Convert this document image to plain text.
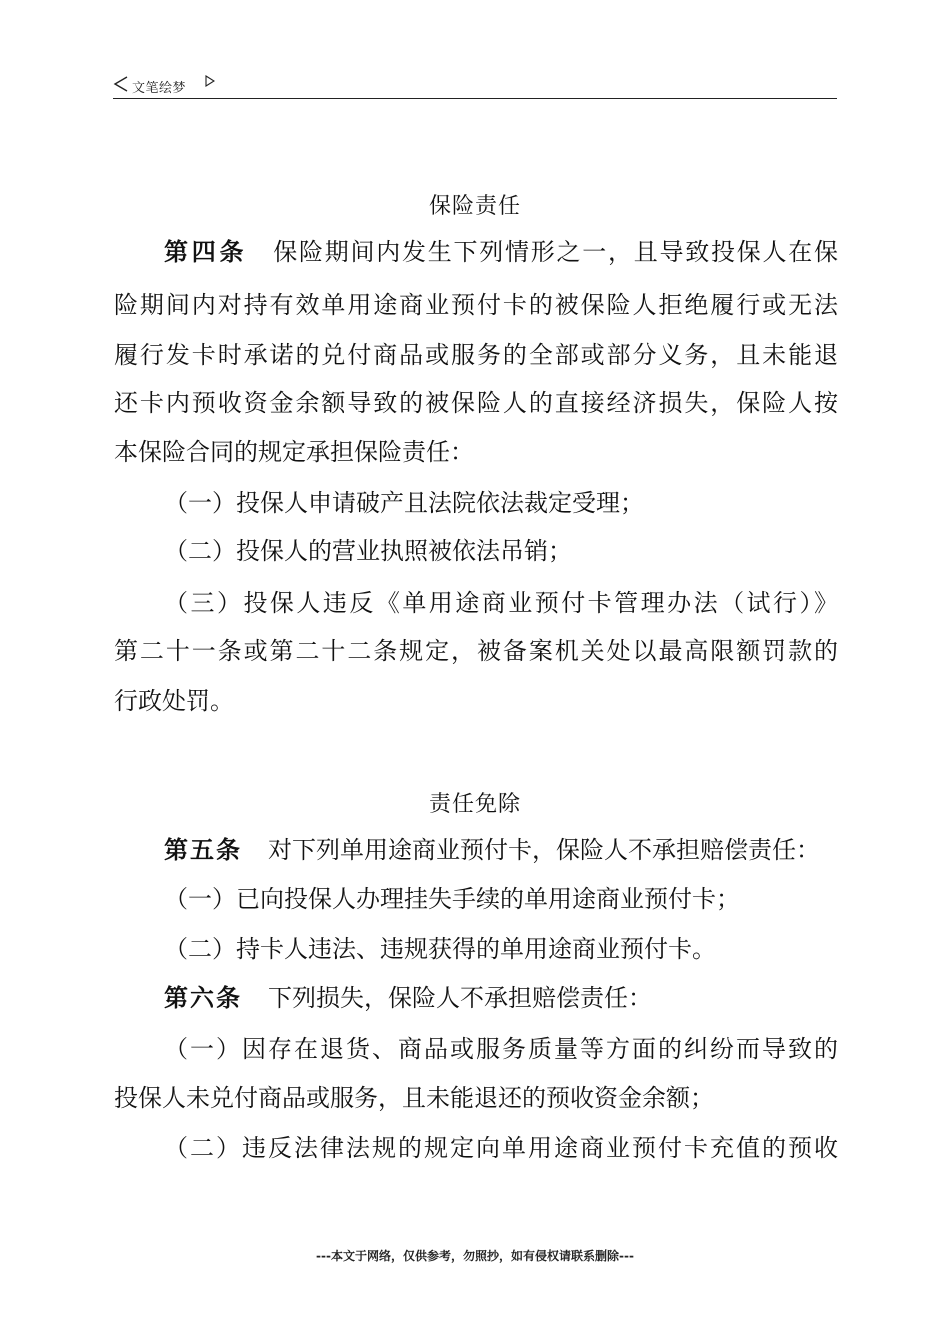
文笔绘梦
保险责任
第四条 保险期间内发生下列情形之一，且导致投保人在保
险期间内对持有效单用途商业预付卡的被保险人拒绝履行或无法
履行发卡时承诺的兑付商品或服务的全部或部分义务，且未能退
还卡内预收资金余额导致的被保险人的直接经济损失，保险人按
本保险合同的规定承担保险责任：
（一）投保人申请破产且法院依法裁定受理；
（二）投保人的营业执照被依法吊销；
（三）投保人违反《单用途商业预付卡管理办法（试行）》
第二十一条或第二十二条规定，被备案机关处以最高限额罚款的
行政处罚。
责任免除
第五条 对下列单用途商业预付卡，保险人不承担赔偿责任：
（一）已向投保人办理挂失手续的单用途商业预付卡；
（二）持卡人违法、违规获得的单用途商业预付卡。
第六条 下列损失，保险人不承担赔偿责任：
（一）因存在退货、商品或服务质量等方面的纠纷而导致的
投保人未兑付商品或服务，且未能退还的预收资金余额；
（二）违反法律法规的规定向单用途商业预付卡充值的预收
---本文于网络，仅供参考，勿照抄，如有侵权请联系删除---
